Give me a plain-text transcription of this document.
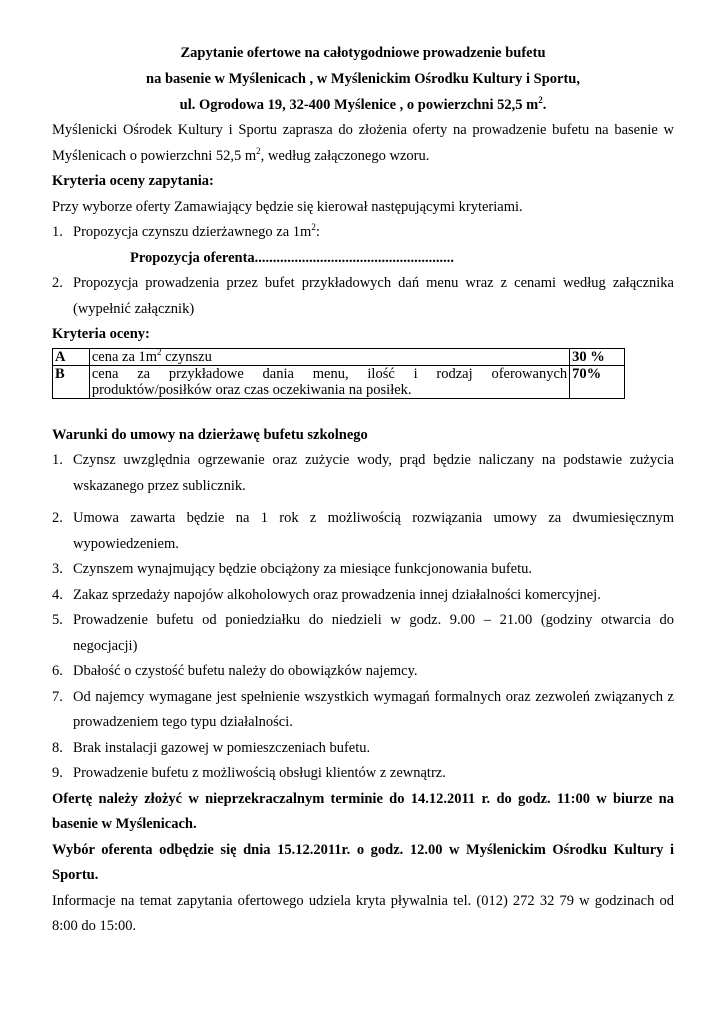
Zapytanie ofertowe na całotygodniowe prowadzenie bufetu
na basenie w Myślenicach , w Myślenickim Ośrodku Kultury i Sportu,
ul. Ogrodowa 19, 32-400 Myślenice , o powierzchni 52,5 $m^2$.

Myślenicki Ośrodek Kultury i Sportu zaprasza do złożenia oferty na prowadzenie bufetu na basenie w Myślenicach o powierzchni 52,5 $m^2$, według załączonego wzoru.

Kryteria oceny zapytania:

Przy wyborze oferty Zamawiający będzie się kierował następującymi kryteriami.

1. Propozycja czynszu dzierżawnego za $1m^2$:

Propozycja oferenta.......................................................

2. Propozycja prowadzenia przez bufet przykładowych dań menu wraz z cenami według załącznika (wypełnić załącznik)

Kryteria oceny:

A	cena za $1m^2$ czynszu	30 %
B	cena za przykładowe dania menu, ilość i rodzaj oferowanych produktów/posiłków oraz czas oczekiwania na posiłek.	70%

Warunki do umowy na dzierżawę bufetu szkolnego

1. Czynsz uwzględnia ogrzewanie oraz zużycie wody, prąd będzie naliczany na podstawie zużycia wskazanego przez sublicznik.
2. Umowa zawarta będzie na 1 rok z możliwością rozwiązania umowy za dwumiesięcznym wypowiedzeniem.
3. Czynszem wynajmujący będzie obciążony za miesiące funkcjonowania bufetu.
4. Zakaz sprzedaży napojów alkoholowych oraz prowadzenia innej działalności komercyjnej.
5. Prowadzenie bufetu od poniedziałku do niedzieli w godz. 9.00 – 21.00 (godziny otwarcia do negocjacji)
6. Dbałość o czystość bufetu należy do obowiązków najemcy.
7. Od najemcy wymagane jest spełnienie wszystkich wymagań formalnych oraz zezwoleń związanych z prowadzeniem tego typu działalności.
8. Brak instalacji gazowej w pomieszczeniach bufetu.
9. Prowadzenie bufetu z możliwością obsługi klientów z zewnątrz.

Ofertę należy złożyć w nieprzekraczalnym terminie do 14.12.2011 r. do godz. 11:00 w biurze na basenie w Myślenicach.

Wybór oferenta odbędzie się dnia 15.12.2011r. o godz. 12.00 w Myślenickim Ośrodku Kultury i Sportu.

Informacje na temat zapytania ofertowego udziela kryta pływalnia tel. (012) 272 32 79 w godzinach od 8:00 do 15:00.
